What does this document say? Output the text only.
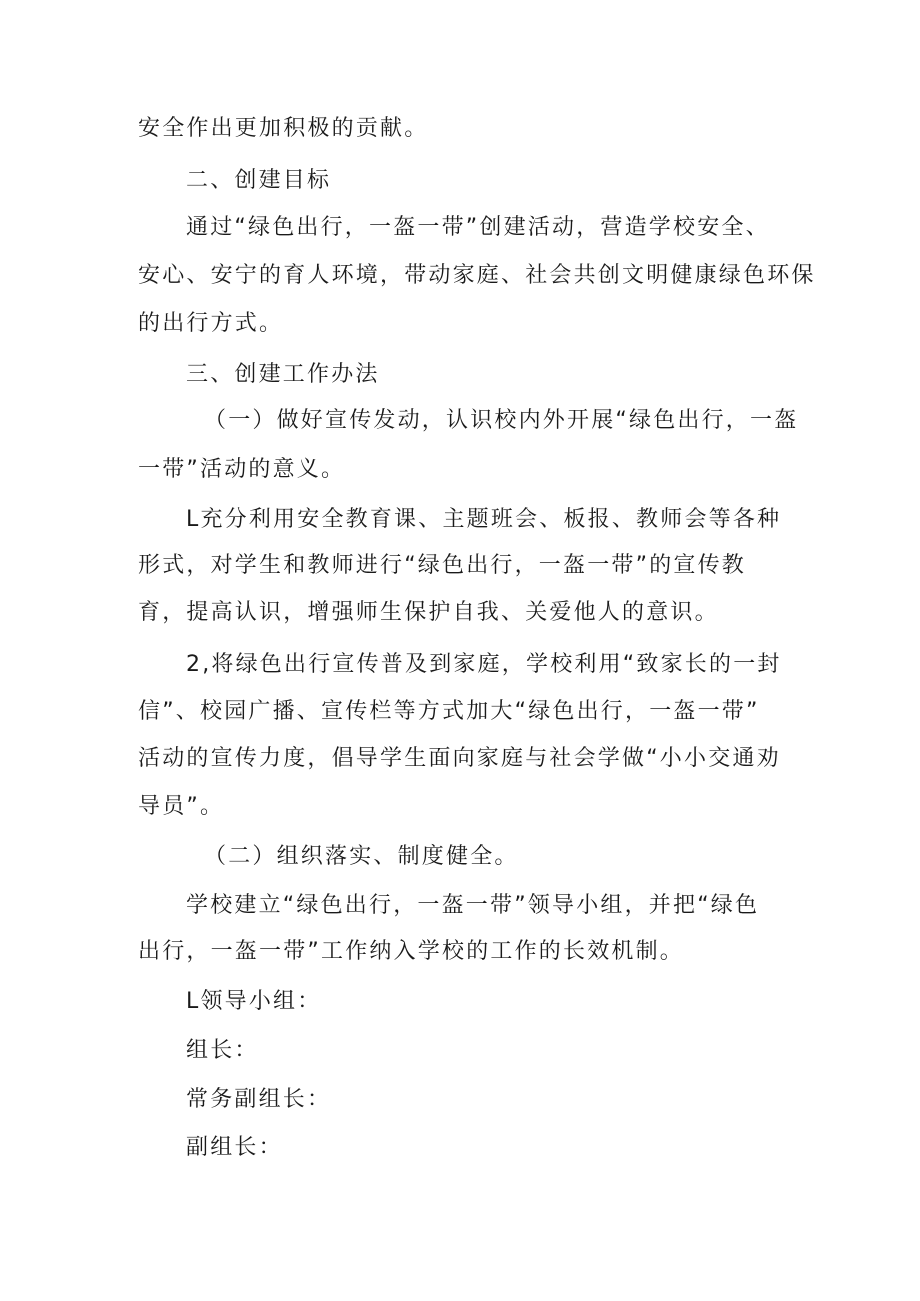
安全作出更加积极的贡献。
二、创建目标
通过“绿色出行，一盔一带”创建活动，营造学校安全、
安心、安宁的育人环境，带动家庭、社会共创文明健康绿色环保
的出行方式。
三、创建工作办法
（一）做好宣传发动，认识校内外开展“绿色出行，一盔
一带”活动的意义。
L充分利用安全教育课、主题班会、板报、教师会等各种
形式，对学生和教师进行“绿色出行，一盔一带”的宣传教
育，提高认识，增强师生保护自我、关爱他人的意识。
2,将绿色出行宣传普及到家庭，学校利用“致家长的一封
信”、校园广播、宣传栏等方式加大“绿色出行，一盔一带”
活动的宣传力度，倡导学生面向家庭与社会学做“小小交通劝
导员”。
（二）组织落实、制度健全。
学校建立“绿色出行，一盔一带”领导小组，并把“绿色
出行，一盔一带”工作纳入学校的工作的长效机制。
L领导小组：
组长：
常务副组长：
副组长：
